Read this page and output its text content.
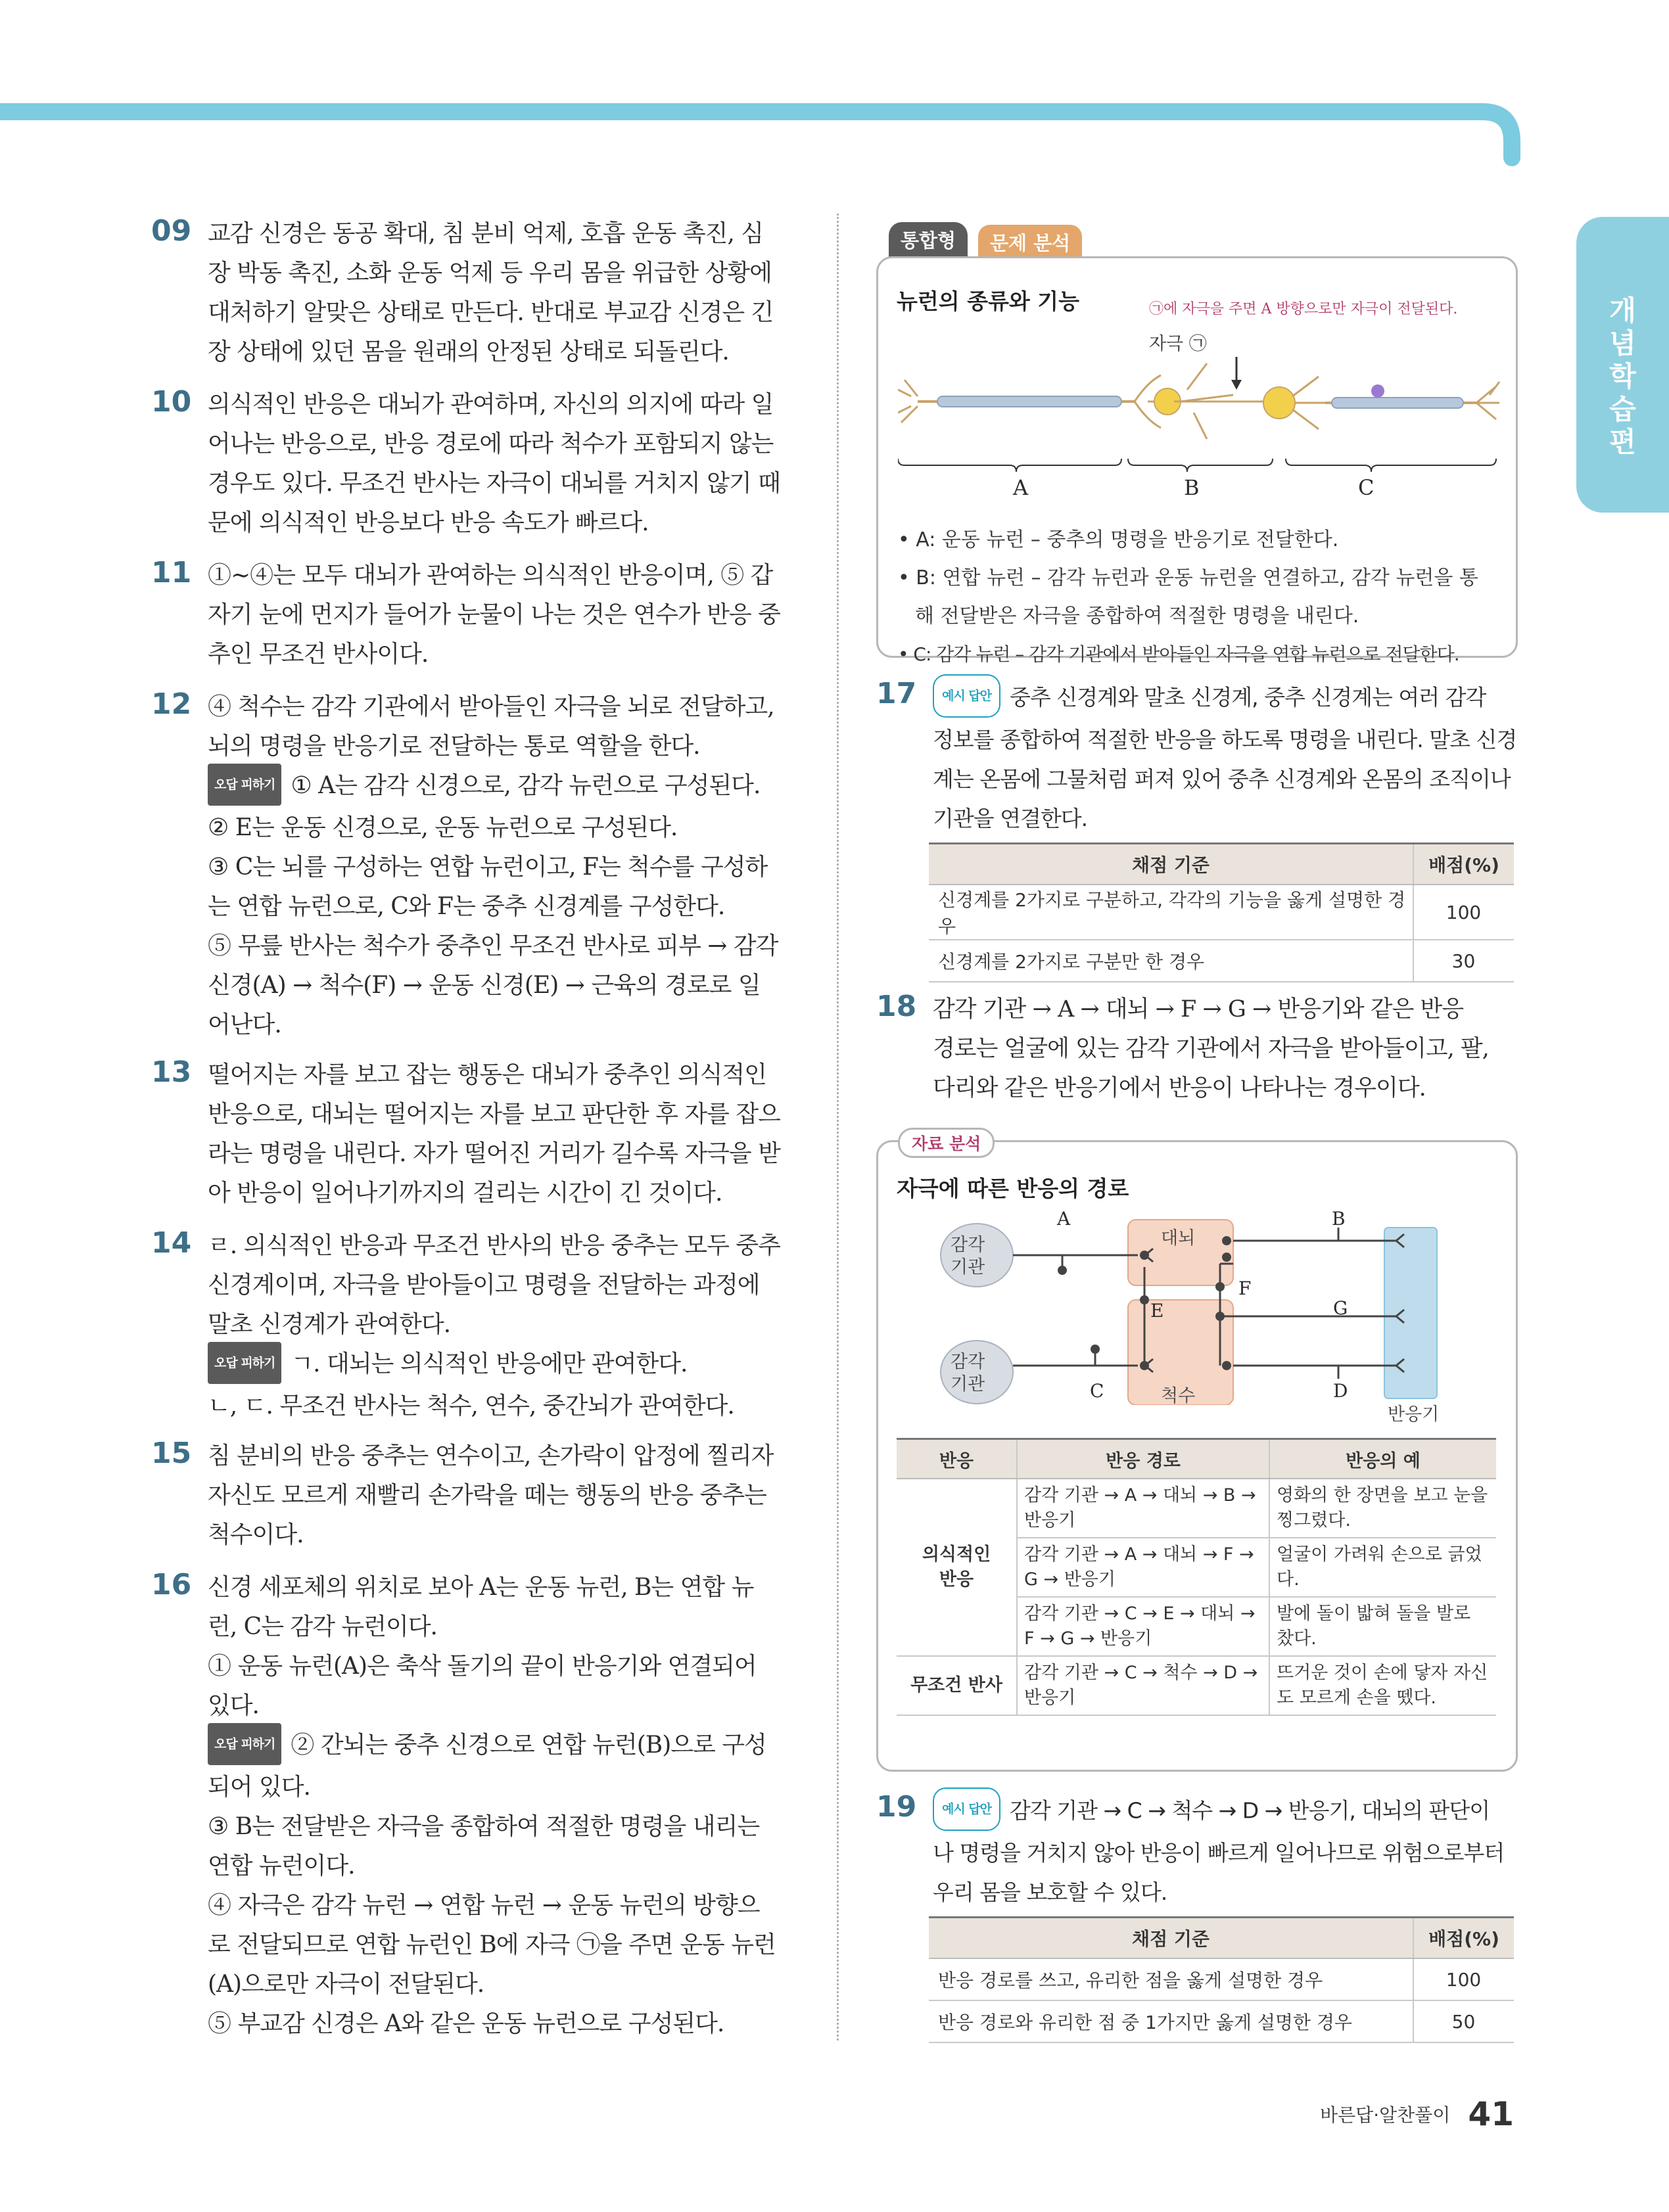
개
념
학
습
편
09 교감 신경은 동공 확대, 침 분비 억제, 호흡 운동 촉진, 심

장 박동 촉진, 소화 운동 억제 등 우리 몸을 위급한 상황에

대처하기 알맞은 상태로 만든다. 반대로 부교감 신경은 긴

장 상태에 있던 몸을 원래의 안정된 상태로 되돌린다.

10 의식적인 반응은 대뇌가 관여하며, 자신의 의지에 따라 일

어나는 반응으로, 반응 경로에 따라 척수가 포함되지 않는

경우도 있다. 무조건 반사는 자극이 대뇌를 거치지 않기 때

문에 의식적인 반응보다 반응 속도가 빠르다.

11 ①~④는 모두 대뇌가 관여하는 의식적인 반응이며, ⑤ 갑

자기 눈에 먼지가 들어가 눈물이 나는 것은 연수가 반응 중

추인 무조건 반사이다.

12 ④ 척수는 감각 기관에서 받아들인 자극을 뇌로 전달하고,

뇌의 명령을 반응기로 전달하는 통로 역할을 한다.

오답 피하기 ① A는 감각 신경으로, 감각 뉴런으로 구성된다.

② E는 운동 신경으로, 운동 뉴런으로 구성된다.

③ C는 뇌를 구성하는 연합 뉴런이고, F는 척수를 구성하

는 연합 뉴런으로, C와 F는 중추 신경계를 구성한다.

⑤ 무릎 반사는 척수가 중추인 무조건 반사로 피부 → 감각

신경(A) → 척수(F) → 운동 신경(E) → 근육의 경로로 일

어난다.

13 떨어지는 자를 보고 잡는 행동은 대뇌가 중추인 의식적인

반응으로, 대뇌는 떨어지는 자를 보고 판단한 후 자를 잡으

라는 명령을 내린다. 자가 떨어진 거리가 길수록 자극을 받

아 반응이 일어나기까지의 걸리는 시간이 긴 것이다.

14 ㄹ. 의식적인 반응과 무조건 반사의 반응 중추는 모두 중추

신경계이며, 자극을 받아들이고 명령을 전달하는 과정에

말초 신경계가 관여한다.

오답 피하기 ㄱ. 대뇌는 의식적인 반응에만 관여한다.

ㄴ, ㄷ. 무조건 반사는 척수, 연수, 중간뇌가 관여한다.

15 침 분비의 반응 중추는 연수이고, 손가락이 압정에 찔리자

자신도 모르게 재빨리 손가락을 떼는 행동의 반응 중추는

척수이다.

16 신경 세포체의 위치로 보아 A는 운동 뉴런, B는 연합 뉴

런, C는 감각 뉴런이다.

① 운동 뉴런(A)은 축삭 돌기의 끝이 반응기와 연결되어

있다.

오답 피하기 ② 간뇌는 중추 신경으로 연합 뉴런(B)으로 구성

되어 있다.

③ B는 전달받은 자극을 종합하여 적절한 명령을 내리는

연합 뉴런이다.

④ 자극은 감각 뉴런 → 연합 뉴런 → 운동 뉴런의 방향으

로 전달되므로 연합 뉴런인 B에 자극 ㉠을 주면 운동 뉴런

(A)으로만 자극이 전달된다.

⑤ 부교감 신경은 A와 같은 운동 뉴런으로 구성된다.

통합형	문제 분석
뉴런의 종류와 기능	㉠에 자극을 주면 A 방향으로만 자극이 전달된다.
자극 ㉠
A	B	C
• A: 운동 뉴런 – 중추의 명령을 반응기로 전달한다.
• B: 연합 뉴런 – 감각 뉴런과 운동 뉴런을 연결하고, 감각 뉴런을 통
해 전달받은 자극을 종합하여 적절한 명령을 내린다.
• C: 감각 뉴런 – 감각 기관에서 받아들인 자극을 연합 뉴런으로 전달한다.
17	예시 답안 중추 신경계와 말초 신경계, 중추 신경계는 여러 감각

정보를 종합하여 적절한 반응을 하도록 명령을 내린다. 말초 신경

계는 온몸에 그물처럼 퍼져 있어 중추 신경계와 온몸의 조직이나

기관을 연결한다.

채점 기준	배점(%)
신경계를 2가지로 구분하고, 각각의 기능을 옳게 설명한 경우	100
신경계를 2가지로 구분만 한 경우	30
18 감각 기관 → A → 대뇌 → F → G → 반응기와 같은 반응

경로는 얼굴에 있는 감각 기관에서 자극을 받아들이고, 팔,

다리와 같은 반응기에서 반응이 나타나는 경우이다.

자료 분석
자극에 따른 반응의 경로
감각
기관
감각
기관
대뇌
척수
반응기
A	B
C	D
E
F
G
반응	반응 경로	반응의 예
의식적인
반응	감각 기관 → A → 대뇌 → B → 반응기	영화의 한 장면을 보고 눈을 찡그렸다.
	감각 기관 → A → 대뇌 → F → G → 반응기	얼굴이 가려워 손으로 긁었다.
	감각 기관 → C → E → 대뇌 → F → G → 반응기	발에 돌이 밟혀 돌을 발로 찼다.
무조건 반사	감각 기관 → C → 척수 → D → 반응기	뜨거운 것이 손에 닿자 자신도 모르게 손을 뗐다.
19	예시 답안 감각 기관 → C → 척수 → D → 반응기, 대뇌의 판단이

나 명령을 거치지 않아 반응이 빠르게 일어나므로 위험으로부터

우리 몸을 보호할 수 있다.

채점 기준	배점(%)
반응 경로를 쓰고, 유리한 점을 옳게 설명한 경우	100
반응 경로와 유리한 점 중 1가지만 옳게 설명한 경우	50
바른답·알찬풀이 41
